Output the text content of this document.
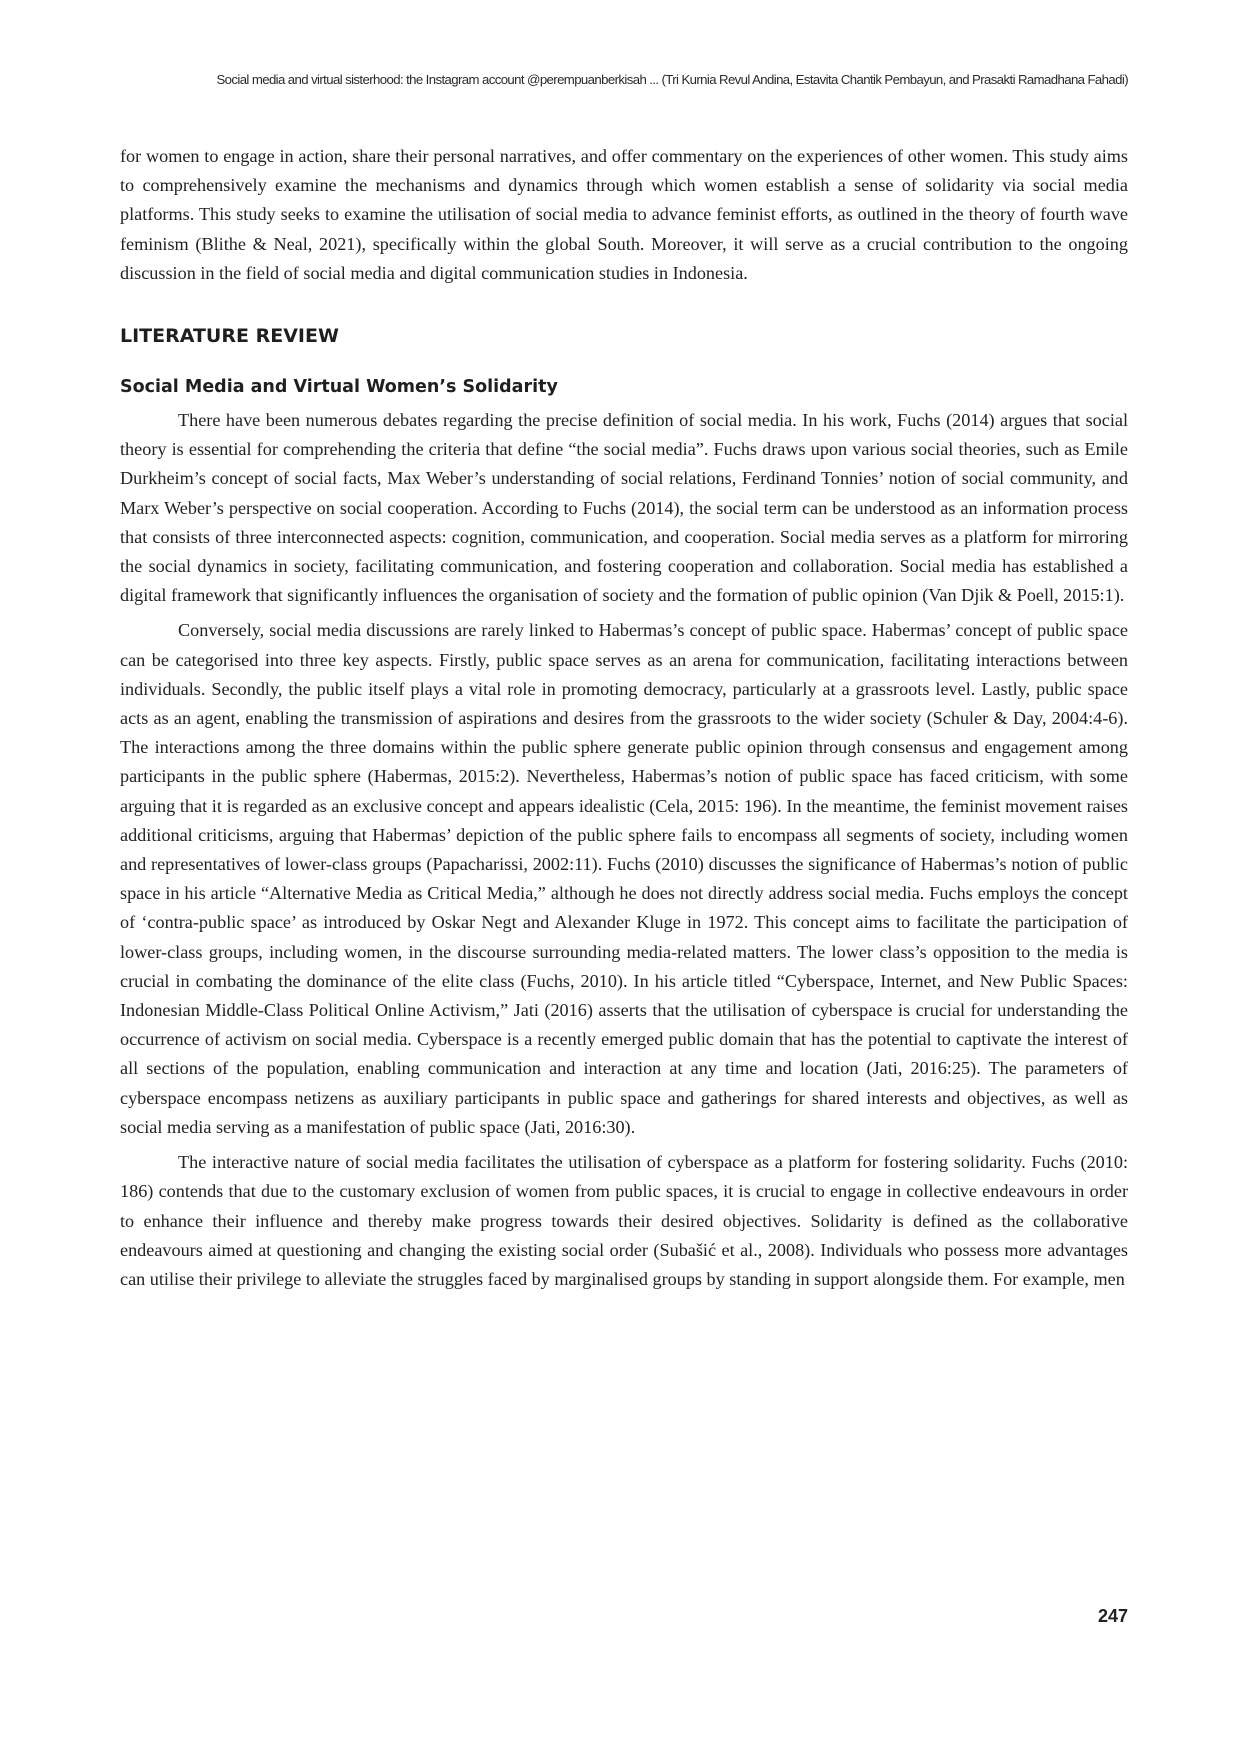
Social media and virtual sisterhood: the Instagram account @perempuanberkisah ... (Tri Kurnia Revul Andina, Estavita Chantik Pembayun, and Prasakti Ramadhana Fahadi)

for women to engage in action, share their personal narratives, and offer commentary on the experiences of other women. This study aims to comprehensively examine the mechanisms and dynamics through which women establish a sense of solidarity via social media platforms. This study seeks to examine the utilisation of social media to advance feminist efforts, as outlined in the theory of fourth wave feminism (Blithe & Neal, 2021), specifically within the global South. Moreover, it will serve as a crucial contribution to the ongoing discussion in the field of social media and digital communication studies in Indonesia.

LITERATURE REVIEW
Social Media and Virtual Women’s Solidarity

There have been numerous debates regarding the precise definition of social media. In his work, Fuchs (2014) argues that social theory is essential for comprehending the criteria that define “the social media”. Fuchs draws upon various social theories, such as Emile Durkheim’s concept of social facts, Max Weber’s understanding of social relations, Ferdinand Tonnies’ notion of social community, and Marx Weber’s perspective on social cooperation. According to Fuchs (2014), the social term can be understood as an information process that consists of three interconnected aspects: cognition, communication, and cooperation. Social media serves as a platform for mirroring the social dynamics in society, facilitating communication, and fostering cooperation and collaboration. Social media has established a digital framework that significantly influences the organisation of society and the formation of public opinion (Van Djik & Poell, 2015:1).

Conversely, social media discussions are rarely linked to Habermas’s concept of public space. Habermas’ concept of public space can be categorised into three key aspects. Firstly, public space serves as an arena for communication, facilitating interactions between individuals. Secondly, the public itself plays a vital role in promoting democracy, particularly at a grassroots level. Lastly, public space acts as an agent, enabling the transmission of aspirations and desires from the grassroots to the wider society (Schuler & Day, 2004:4-6). The interactions among the three domains within the public sphere generate public opinion through consensus and engagement among participants in the public sphere (Habermas, 2015:2). Nevertheless, Habermas’s notion of public space has faced criticism, with some arguing that it is regarded as an exclusive concept and appears idealistic (Cela, 2015: 196). In the meantime, the feminist movement raises additional criticisms, arguing that Habermas’ depiction of the public sphere fails to encompass all segments of society, including women and representatives of lower-class groups (Papacharissi, 2002:11). Fuchs (2010) discusses the significance of Habermas’s notion of public space in his article “Alternative Media as Critical Media,” although he does not directly address social media. Fuchs employs the concept of ‘contra-public space’ as introduced by Oskar Negt and Alexander Kluge in 1972. This concept aims to facilitate the participation of lower-class groups, including women, in the discourse surrounding media-related matters. The lower class’s opposition to the media is crucial in combating the dominance of the elite class (Fuchs, 2010). In his article titled “Cyberspace, Internet, and New Public Spaces: Indonesian Middle-Class Political Online Activism,” Jati (2016) asserts that the utilisation of cyberspace is crucial for understanding the occurrence of activism on social media. Cyberspace is a recently emerged public domain that has the potential to captivate the interest of all sections of the population, enabling communication and interaction at any time and location (Jati, 2016:25). The parameters of cyberspace encompass netizens as auxiliary participants in public space and gatherings for shared interests and objectives, as well as social media serving as a manifestation of public space (Jati, 2016:30).

The interactive nature of social media facilitates the utilisation of cyberspace as a platform for fostering solidarity. Fuchs (2010: 186) contends that due to the customary exclusion of women from public spaces, it is crucial to engage in collective endeavours in order to enhance their influence and thereby make progress towards their desired objectives. Solidarity is defined as the collaborative endeavours aimed at questioning and changing the existing social order (Subašić et al., 2008). Individuals who possess more advantages can utilise their privilege to alleviate the struggles faced by marginalised groups by standing in support alongside them. For example, men

247
